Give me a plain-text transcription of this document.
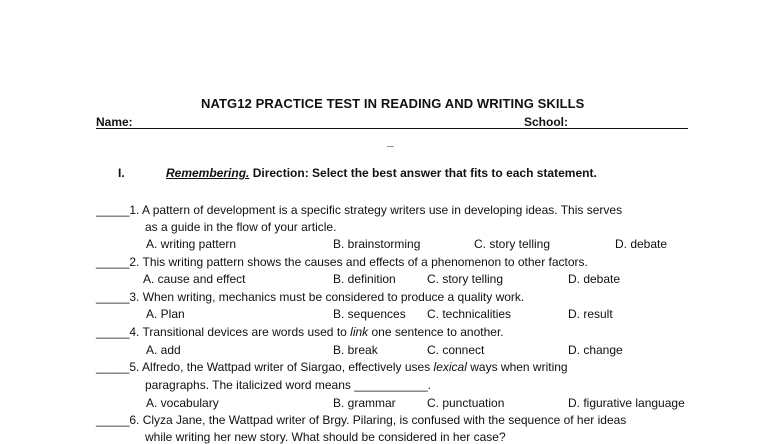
NATG12 PRACTICE TEST IN READING AND WRITING SKILLS
Name:	School:
_
I.	Remembering. Direction: Select the best answer that fits to each statement.
_____1. A pattern of development is a specific strategy writers use in developing ideas. This serves
as a guide in the flow of your article.
A. writing pattern	B. brainstorming	C. story telling	D. debate
_____2. This writing pattern shows the causes and effects of a phenomenon to other factors.
A. cause and effect	B. definition	C. story telling	D. debate
_____3. When writing, mechanics must be considered to produce a quality work.
A. Plan	B. sequences C. technicalities	D. result
_____4. Transitional devices are words used to link one sentence to another.
A. add	B. break	C. connect	D. change
_____5. Alfredo, the Wattpad writer of Siargao, effectively uses lexical ways when writing
paragraphs. The italicized word means ___________.
A. vocabulary	B. grammar	C. punctuation	D. figurative language
_____6. Clyza Jane, the Wattpad writer of Brgy. Pilaring, is confused with the sequence of her ideas
while writing her new story. What should be considered in her case?
